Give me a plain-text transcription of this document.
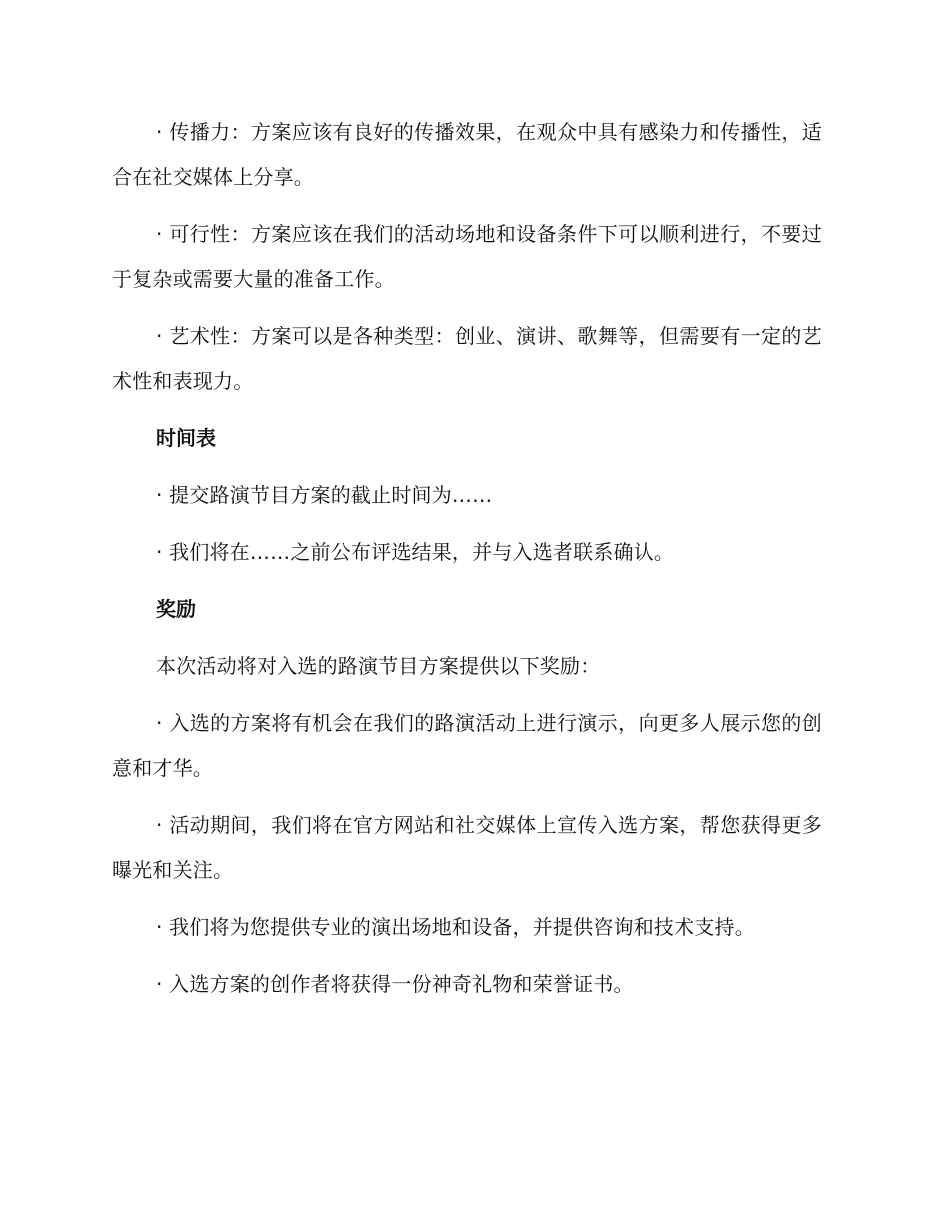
· 传播力：方案应该有良好的传播效果，在观众中具有感染力和传播性，适合在社交媒体上分享。

· 可行性：方案应该在我们的活动场地和设备条件下可以顺利进行，不要过于复杂或需要大量的准备工作。

· 艺术性：方案可以是各种类型：创业、演讲、歌舞等，但需要有一定的艺术性和表现力。

时间表

· 提交路演节目方案的截止时间为……

· 我们将在……之前公布评选结果，并与入选者联系确认。

奖励

本次活动将对入选的路演节目方案提供以下奖励：

· 入选的方案将有机会在我们的路演活动上进行演示，向更多人展示您的创意和才华。

· 活动期间，我们将在官方网站和社交媒体上宣传入选方案，帮您获得更多曝光和关注。

· 我们将为您提供专业的演出场地和设备，并提供咨询和技术支持。

· 入选方案的创作者将获得一份神奇礼物和荣誉证书。
